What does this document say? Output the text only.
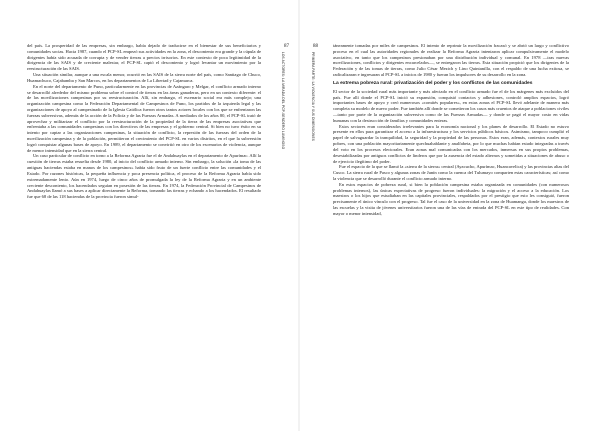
del país. La prosperidad de las empresas, sin embargo, había dejado de traducirse en el bienestar de sus beneficiarios y comunidades socias. Hacia 1987, cuando el PCP-SL empezó sus actividades en la zona, el descontento era grande y la cúpula de dirigentes había sido acusada de corrupta y de vender tierras a precios irrisorios. En este contexto de poca legitimidad de la dirigencia de las SAIS y de creciente malestar, el PCP-SL captó el descontento y logró levantar un movimiento por la reestructuración de las SAIS.

Una situación similar, aunque a una escala menor, ocurrió en las SAIS de la sierra norte del país, como Santiago de Chuco, Huamachuco, Cajabamba y San Marcos, en los departamentos de La Libertad y Cajamarca.

En el norte del departamento de Puno, particularmente en las provincias de Azángaro y Melgar, el conflicto armado interno se desarrolló alrededor del mismo problema sobre el control de tierras en las áreas ganaderas, pero en un contexto diferente: el de las movilizaciones campesinas por su reestructuración. Allí, sin embargo, el escenario social era más complejo; una organización campesina como la Federación Departamental de Campesinos de Puno, los partidos de la izquierda legal y las organizaciones de apoyo al campesinado de la Iglesia Católica fueron otros tantos actores locales con los que se enfrentaron las fuerzas subversivas, además de la acción de la Policía y de las Fuerzas Armadas. A mediados de los años 80, el PCP-SL trató de aprovechar y militarizar el conflicto por la reestructuración de la propiedad de la tierra de las empresas asociativas que enfrentaba a las comunidades campesinas con los directivos de las empresas y el gobierno central. Si bien no tuvo éxito en su intento por captar a las organizaciones campesinas, la situación de conflicto, la represión de las fuerzas del orden de la movilización campesina y de la población, permitieron el crecimiento del PCP-SL en varios distritos, en el que la subversión logró conquistar algunas bases de apoyo. En 1989, el departamento se convirtió en otro de los escenarios de violencia, aunque de menor intensidad que en la sierra central.

Un caso particular de conflicto en torno a la Reforma Agraria fue el de Andahuaylas en el departamento de Apurímac. Allí la cuestión de tierras estaba resuelta desde 1980, al inicio del conflicto armado interno. Sin embargo, la solución «la toma de las antiguas haciendas estaba en manos de los campesinos» había sido fruto de un fuerte conflicto entre las comunidades y el Estado. Por razones históricas, la pequeña influencia y poca presencia política, el proceso de la Reforma Agraria había sido extremadamente lento. Aún en 1974, luego de cinco años de promulgada la ley de la Reforma Agraria y en un ambiente creciente descontento, los hacendados seguían en posesión de las tierras. En 1974, la Federación Provincial de Campesinos de Andahuaylas llamó a sus bases a aplicar directamente la Reforma, tomando las tierras y echando a los hacendados. El resultado fue que 68 de las 118 haciendas de la provincia fueron simul-

87
LOS ACTORES: LA MIRADA DEL PCP-SENDERO LUMINOSO
88
PRIMERA PARTE: LA VIOLENCIA Y SUS DIMENSIONES

táneamente tomadas por miles de campesinos. El intento de reprimir la movilización fracasó y se abrió un largo y conflictivo proceso en el cual las autoridades regionales de realizar la Reforma Agraria intentaron aplicar compulsivamente el modelo asociativo, en tanto que los campesinos presionaban por una distribución individual y comunal. En 1978 —tras nuevas movilizaciones, conflictos y dirigentes encarcelados—, se entregaron las tierras. Esta situación propició que los dirigentes de la Federación y de las tomas de tierras, como Julio César Mezich y Lino Quintanilla, con el respaldo de una lucha exitosa, se radicalizaran e ingresaran al PCP-SL a inicios de 1980 y fueran los impulsores de su desarrollo en la zona.

La extrema pobreza rural: privatización del poder y los conflictos de las comunidades

El sector de la sociedad rural más importante y más afectado en el conflicto armado fue el de los márgenes más excluidos del país. Fue allí donde el PCP-SL inició su expansión, conquistó contactos y adhesiones, controló amplios espacios, logró importantes bases de apoyo y creó numerosos «comités populares», en estas zonas el PCP-SL llevó adelante de manera más completa su modelo de nuevo poder. Fue también allí donde se cometieron los casos más cruentos de ataque a poblaciones civiles —tanto por parte de la organización subversiva como de las Fuerzas Armadas— y donde se pagó el mayor costo en vidas humanas con la destrucción de familias y comunidades enteras.

Estos sectores eran considerados irrelevantes para la economía nacional y los planes de desarrollo. El Estado no estuvo presente en ellos para garantizar el acceso a la infraestructura y los servicios públicos básicos. Asimismo, tampoco cumplió el papel de salvaguardar la tranquilidad, la seguridad y la propiedad de las personas. Estos eran, además, contextos rurales muy pobres, con una población mayoritariamente quechuahablante y analfabeta, por lo que muchas habían estado integradas a través del voto en los procesos electorales. Eran zonas mal comunicadas con los mercados, inmersas en sus propios problemas, desestabilizadas por antiguos conflictos de linderos que por la ausencia del estado alternos y sometidas a situaciones de abuso o de ejercicio ilegítimo del poder.

Fue el espacio de la que se llamó la «sierra de la sierra» central (Ayacucho, Apurímac, Huancavelica) y las provincias altas del Cusco. La sierra rural de Pasco y algunas zonas de Junín como la cuenca del Tulumayo comparten estas características; así como la violencia que se desarrolló durante el conflicto armado interno.

En estos espacios de pobreza rural, si bien la población campesina estaba organizada en comunidades (con numerosos problemas internos), las únicas expectativas de progreso fueron individuales: la migración y el acceso a la educación. Los maestros o los hijos que estudiaban en las capitales provinciales, respaldados por el prestigio que esto les consiguió, fueron precisamente el único vínculo con el progreso. Tal fue el caso de la universidad en la zona de Huamanga, donde los maestros de las escuelas y la visita de jóvenes universitarios fueron una de las vías de entrada del PCP-SL en este tipo de realidades. Con mayor o menor intensidad,
